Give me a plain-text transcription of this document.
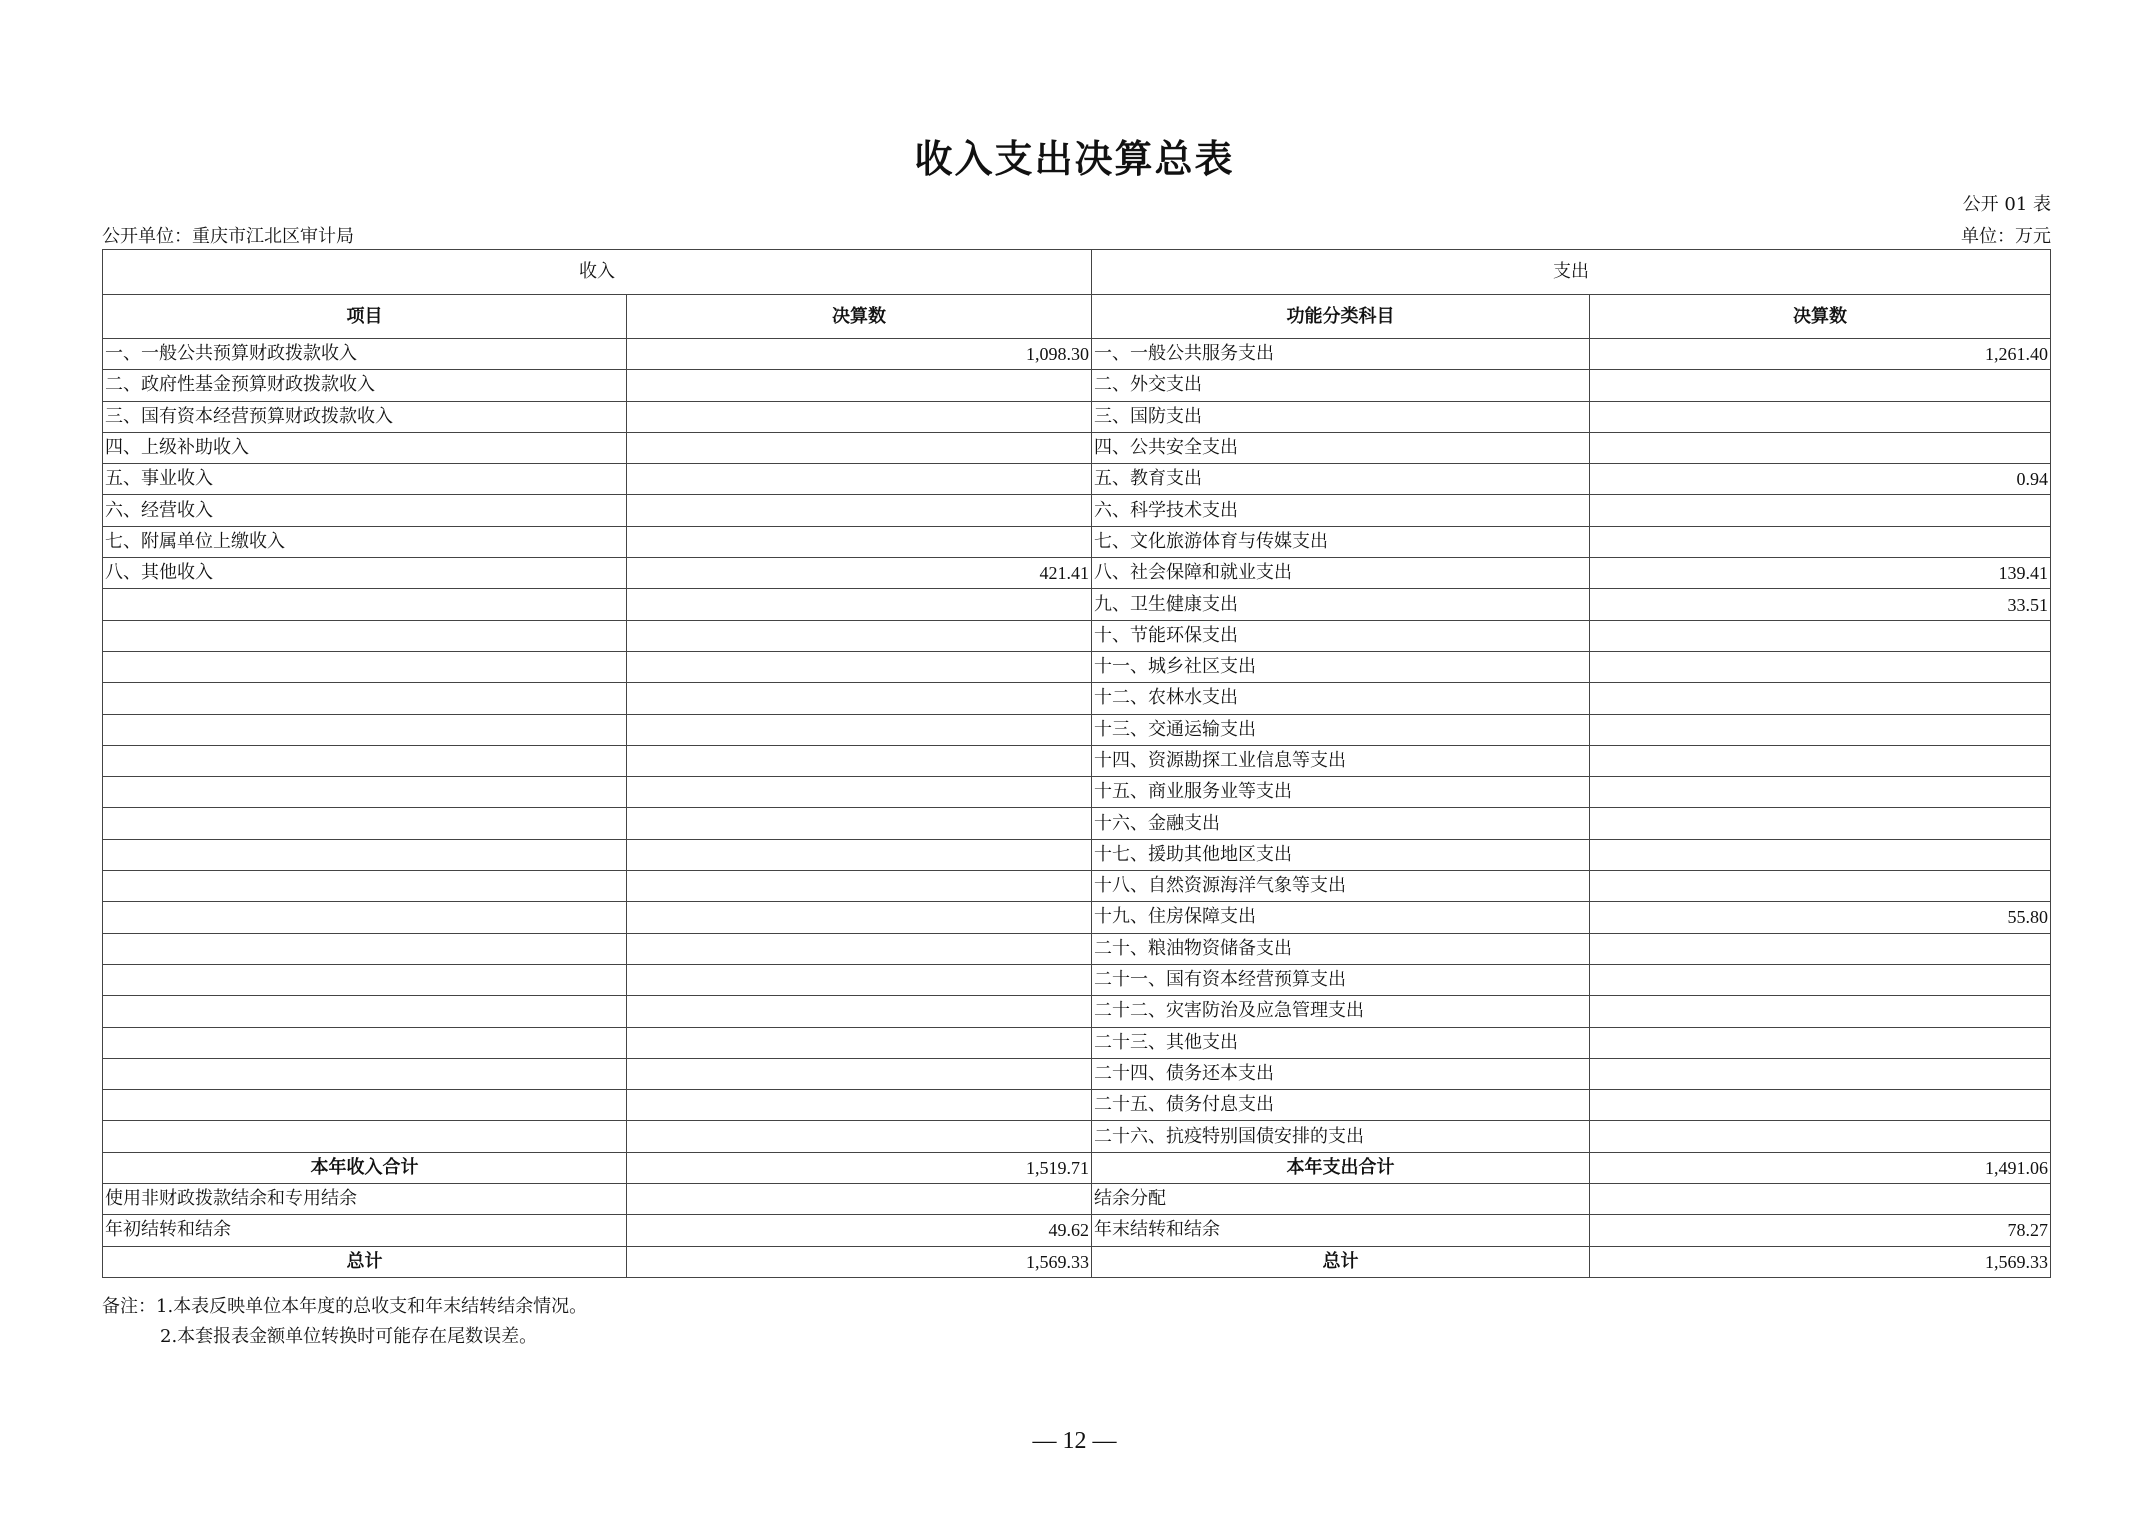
收入支出决算总表
公开 01 表
公开单位：重庆市江北区审计局	单位：万元
收入		支出	
项目	决算数	功能分类科目	决算数
一、一般公共预算财政拨款收入	1,098.30	一、一般公共服务支出	1,261.40
二、政府性基金预算财政拨款收入		二、外交支出	
三、国有资本经营预算财政拨款收入		三、国防支出	
四、上级补助收入		四、公共安全支出	
五、事业收入		五、教育支出	0.94
六、经营收入		六、科学技术支出	
七、附属单位上缴收入		七、文化旅游体育与传媒支出	
八、其他收入	421.41	八、社会保障和就业支出	139.41
		九、卫生健康支出	33.51
		十、节能环保支出	
		十一、城乡社区支出	
		十二、农林水支出	
		十三、交通运输支出	
		十四、资源勘探工业信息等支出	
		十五、商业服务业等支出	
		十六、金融支出	
		十七、援助其他地区支出	
		十八、自然资源海洋气象等支出	
		十九、住房保障支出	55.80
		二十、粮油物资储备支出	
		二十一、国有资本经营预算支出	
		二十二、灾害防治及应急管理支出	
		二十三、其他支出	
		二十四、债务还本支出	
		二十五、债务付息支出	
		二十六、抗疫特别国债安排的支出	
本年收入合计	1,519.71	本年支出合计	1,491.06
使用非财政拨款结余和专用结余		结余分配	
年初结转和结余	49.62	年末结转和结余	78.27
总计	1,569.33	总计	1,569.33
备注：1.本表反映单位本年度的总收支和年末结转结余情况。
2.本套报表金额单位转换时可能存在尾数误差。
— 12 —
